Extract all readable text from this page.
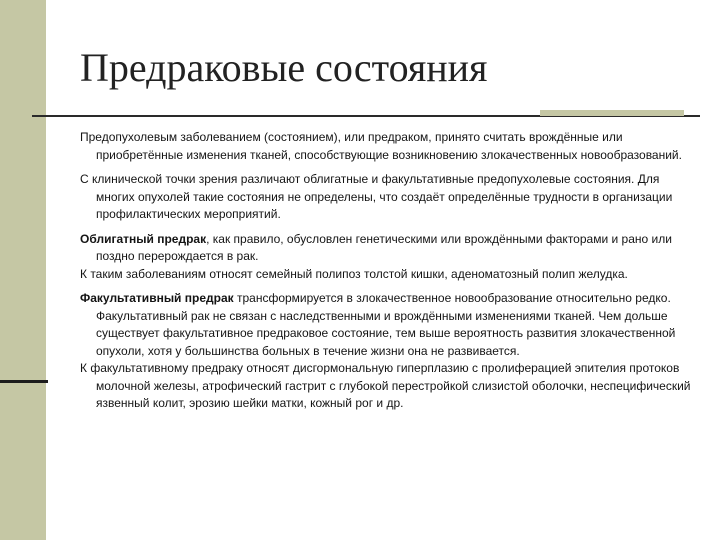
Предраковые состояния

Предопухолевым заболеванием (состоянием), или предраком, принято считать врождённые или приобретённые изменения тканей, способствующие возникновению злокачественных новообразований.

С клинической точки зрения различают облигатные и факультативные предопухолевые состояния. Для многих опухолей такие состояния не определены, что создаёт определённые трудности в организации профилактических мероприятий.

Облигатный предрак, как правило, обусловлен генетическими или врождёнными факторами и рано или поздно перерождается в рак.
К таким заболеваниям относят семейный полипоз толстой кишки, аденоматозный полип желудка.

Факультативный предрак трансформируется в злокачественное новообразование относительно редко. Факультативный рак не связан с наследственными и врождёнными изменениями тканей. Чем дольше существует факультативное предраковое состояние, тем выше вероятность развития злокачественной опухоли, хотя у большинства больных в течение жизни она не развивается.
К факультативному предраку относят дисгормональную гиперплазию с пролиферацией эпителия протоков молочной железы, атрофический гастрит с глубокой перестройкой слизистой оболочки, неспецифический язвенный колит, эрозию шейки матки, кожный рог и др.
